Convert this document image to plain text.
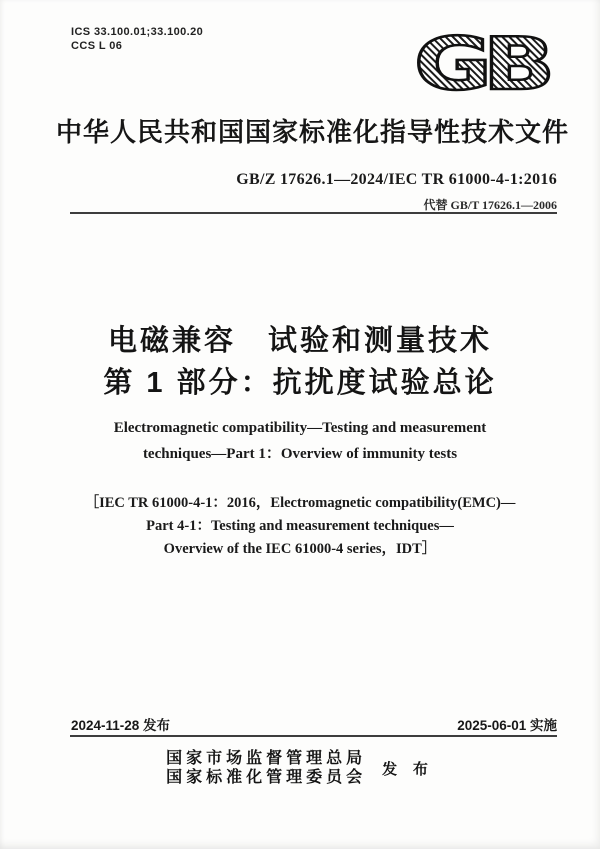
ICS 33.100.01;33.100.20
CCS L 06	GB
中华人民共和国国家标准化指导性技术文件
GB/Z 17626.1—2024/IEC TR 61000-4-1:2016
代替 GB/T 17626.1—2006
电磁兼容　试验和测量技术
第 1 部分：抗扰度试验总论
Electromagnetic compatibility—Testing and measurement
techniques—Part 1：Overview of immunity tests
［IEC TR 61000-4-1：2016，Electromagnetic compatibility(EMC)—
Part 4-1：Testing and measurement techniques—
Overview of the IEC 61000-4 series，IDT］
2024-11-28 发布	2025-06-01 实施
国家市场监督管理总局
国家标准化管理委员会 发 布
